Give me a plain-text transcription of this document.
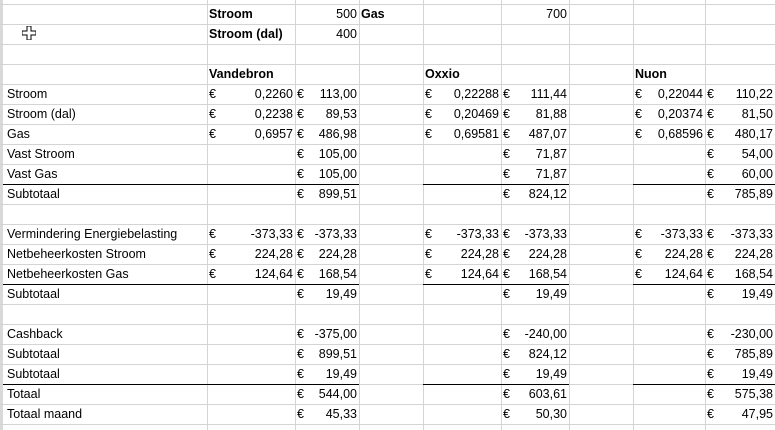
Stroom	500 Gas	700
Stroom (dal)	400
Vandebron	Oxxio	Nuon
Stroom	€	0,2260 €	113,00	€	0,22288 €	111,44	€	0,22044 €	110,22
Stroom (dal)	€	0,2238 €	89,53	€	0,20469 €	81,88	€	0,20374 €	81,50
Gas	€	0,6957 €	486,98	€	0,69581 €	487,07	€	0,68596 €	480,17
Vast Stroom	€	105,00	€	71,87	€	54,00
Vast Gas	€	105,00	€	71,87	€	60,00
Subtotaal	€	899,51	€	824,12	€	785,89
Vermindering Energiebelasting	€	-373,33 € -373,33	€	-373,33 €	-373,33	€	-373,33 €	-373,33
Netbeheerkosten Stroom	€	224,28 €	224,28	€	224,28 €	224,28	€	224,28 €	224,28
Netbeheerkosten Gas	€	124,64 €	168,54	€	124,64 €	168,54	€	124,64 €	168,54
Subtotaal	€	19,49	€	19,49	€	19,49
Cashback	€ -375,00	€	-240,00	€	-230,00
Subtotaal	€	899,51	€	824,12	€	785,89
Subtotaal	€	19,49	€	19,49	€	19,49
Totaal	€	544,00	€	603,61	€	575,38
Totaal maand	€	45,33	€	50,30	€	47,95
